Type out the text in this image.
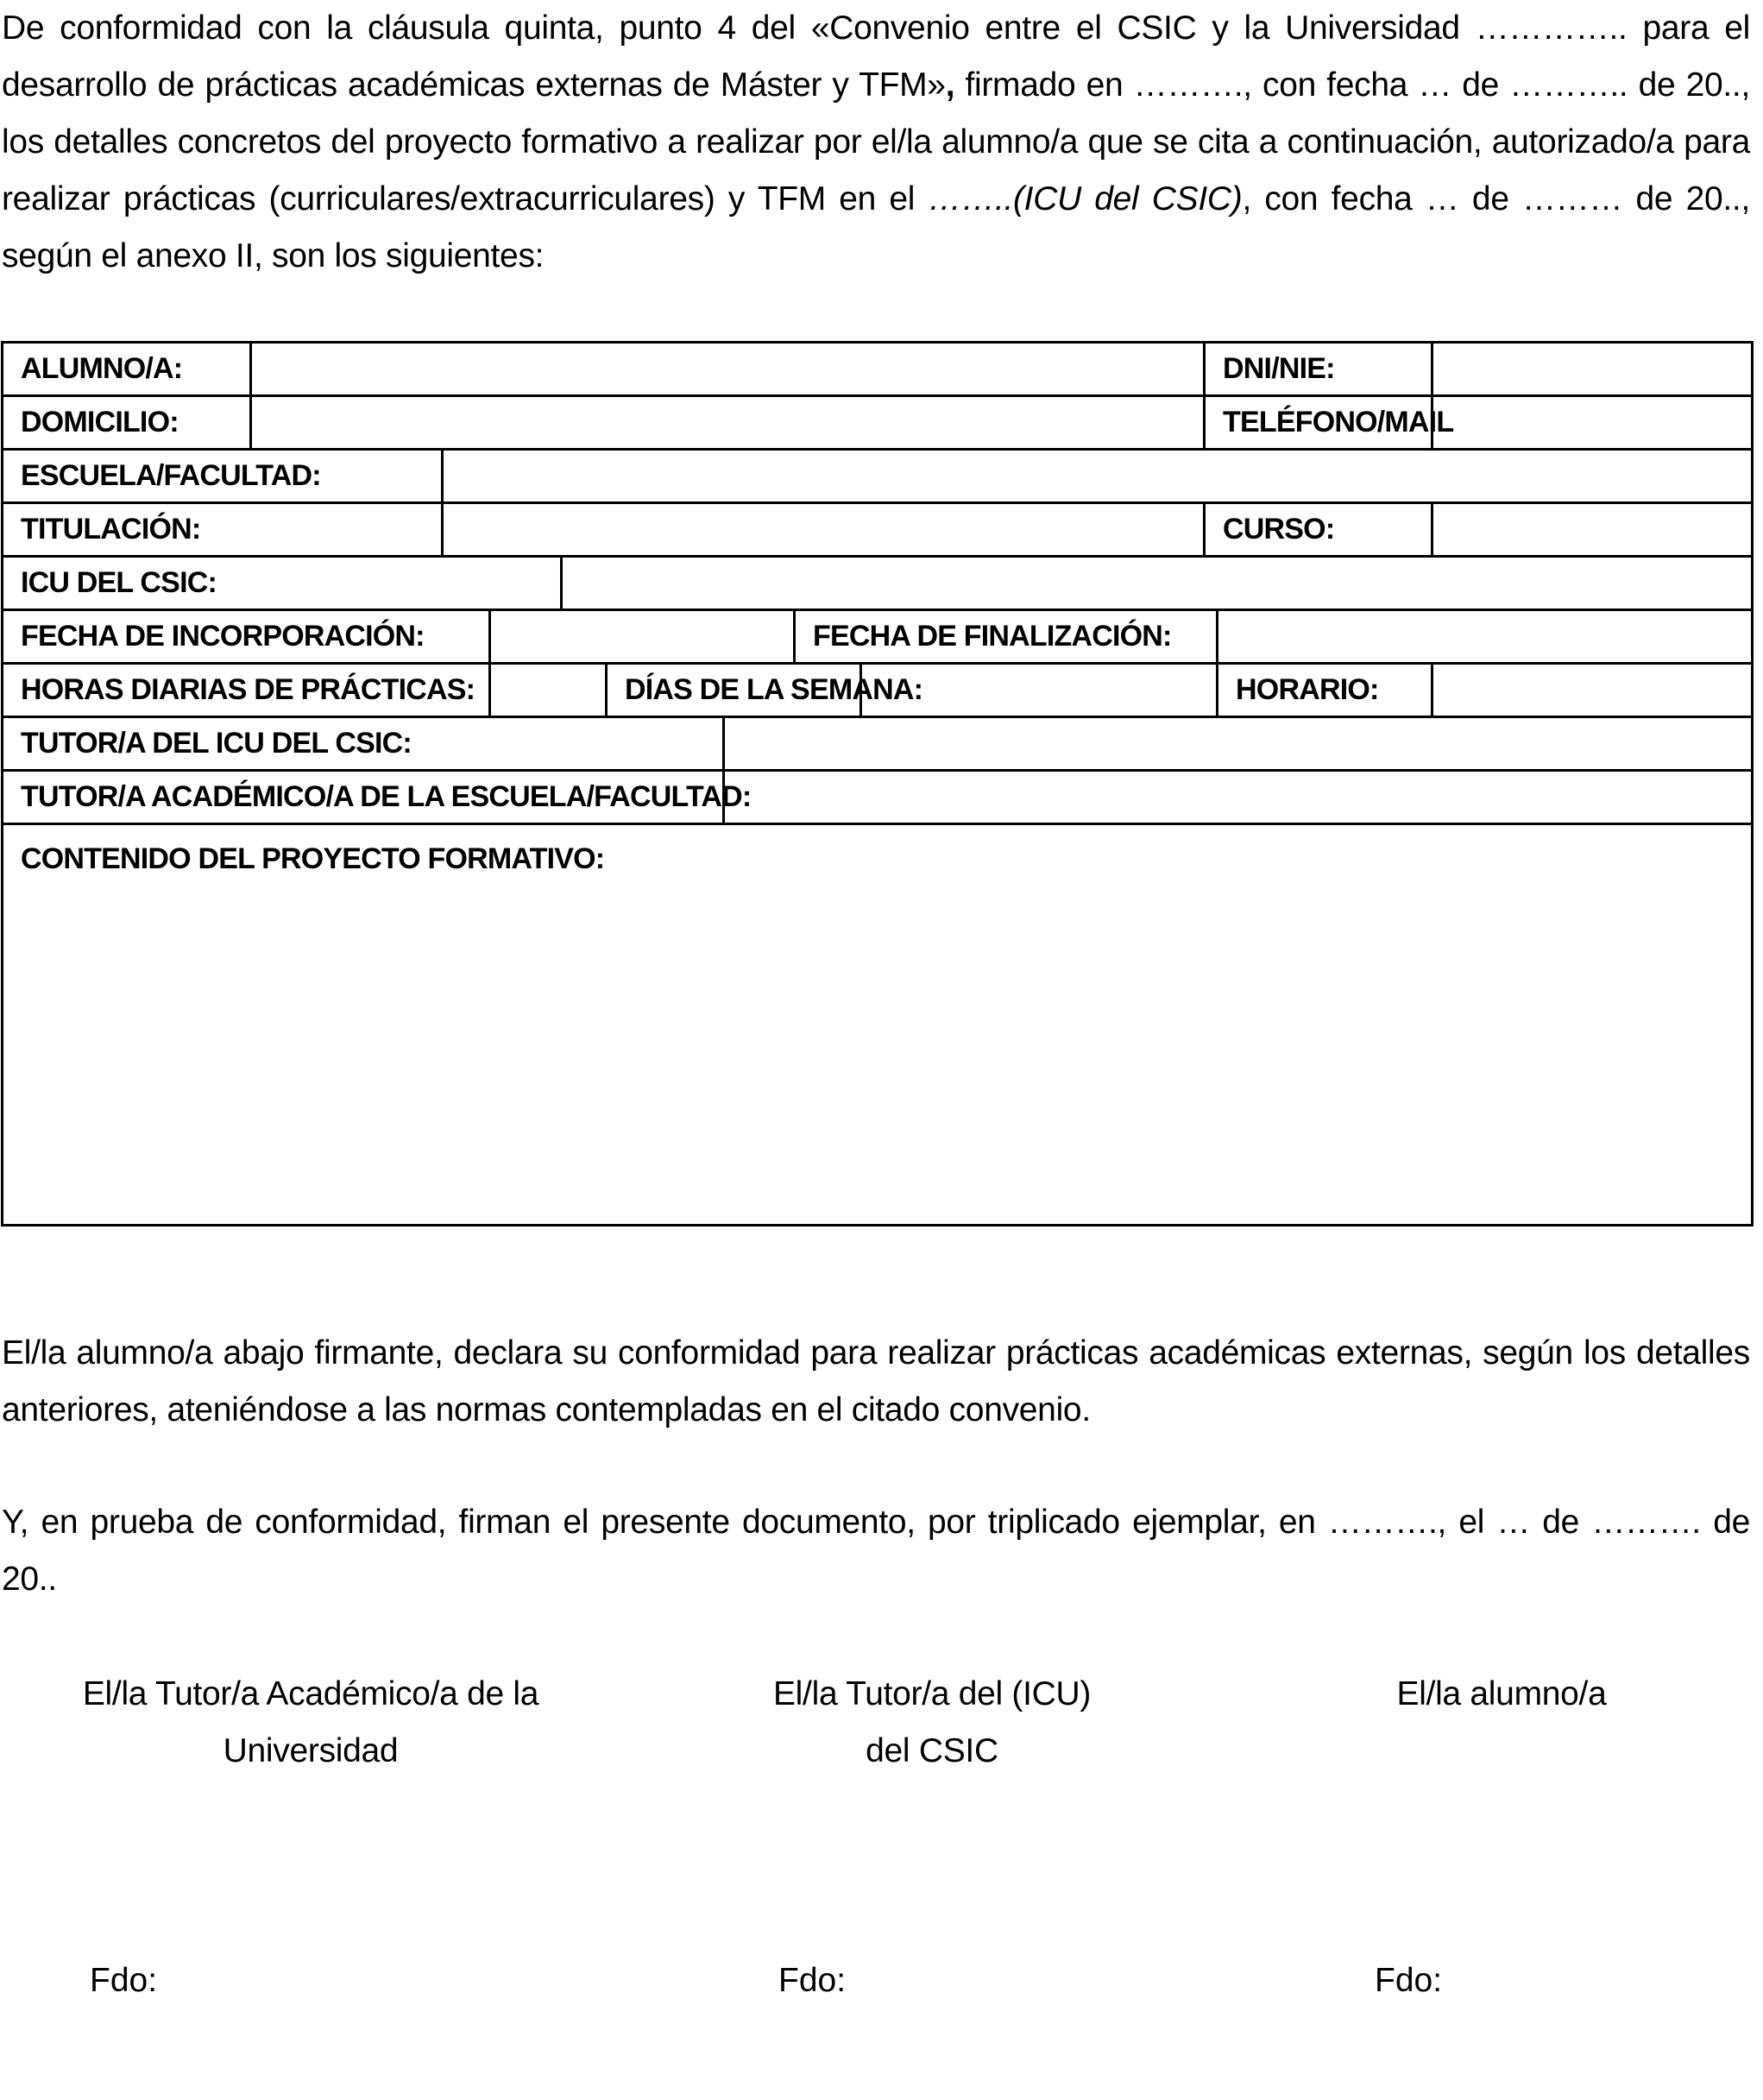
De conformidad con la cláusula quinta, punto 4 del «Convenio entre el CSIC y la Universidad ………….. para el desarrollo de prácticas académicas externas de Máster y TFM», firmado en ………., con fecha … de ……….. de 20.., los detalles concretos del proyecto formativo a realizar por el/la alumno/a que se cita a continuación, autorizado/a para realizar prácticas (curriculares/extracurriculares) y TFM en el ……..(ICU del CSIC), con fecha … de ……… de 20.., según el anexo II, son los siguientes:
ALUMNO/A:									DNI/NIE:		
DOMICILIO:									TELÉFONO/MAIL		
ESCUELA/FACULTAD:											
TITULACIÓN:									CURSO:		
ICU DEL CSIC:											
FECHA DE INCORPORACIÓN:							FECHA DE FINALIZACIÓN:				
HORAS DIARIAS DE PRÁCTICAS:					DÍAS DE LA SEMANA:					HORARIO:	
TUTOR/A DEL ICU DEL CSIC:											
TUTOR/A ACADÉMICO/A DE LA ESCUELA/FACULTAD:											
CONTENIDO DEL PROYECTO FORMATIVO:											
El/la alumno/a abajo firmante, declara su conformidad para realizar prácticas académicas externas, según los detalles anteriores, ateniéndose a las normas contempladas en el citado convenio.
Y, en prueba de conformidad, firman el presente documento, por triplicado ejemplar, en ………., el … de ………. de 20..
El/la Tutor/a Académico/a de la
Universidad
El/la Tutor/a del (ICU)
del CSIC
El/la alumno/a
Fdo:	Fdo:	Fdo:
